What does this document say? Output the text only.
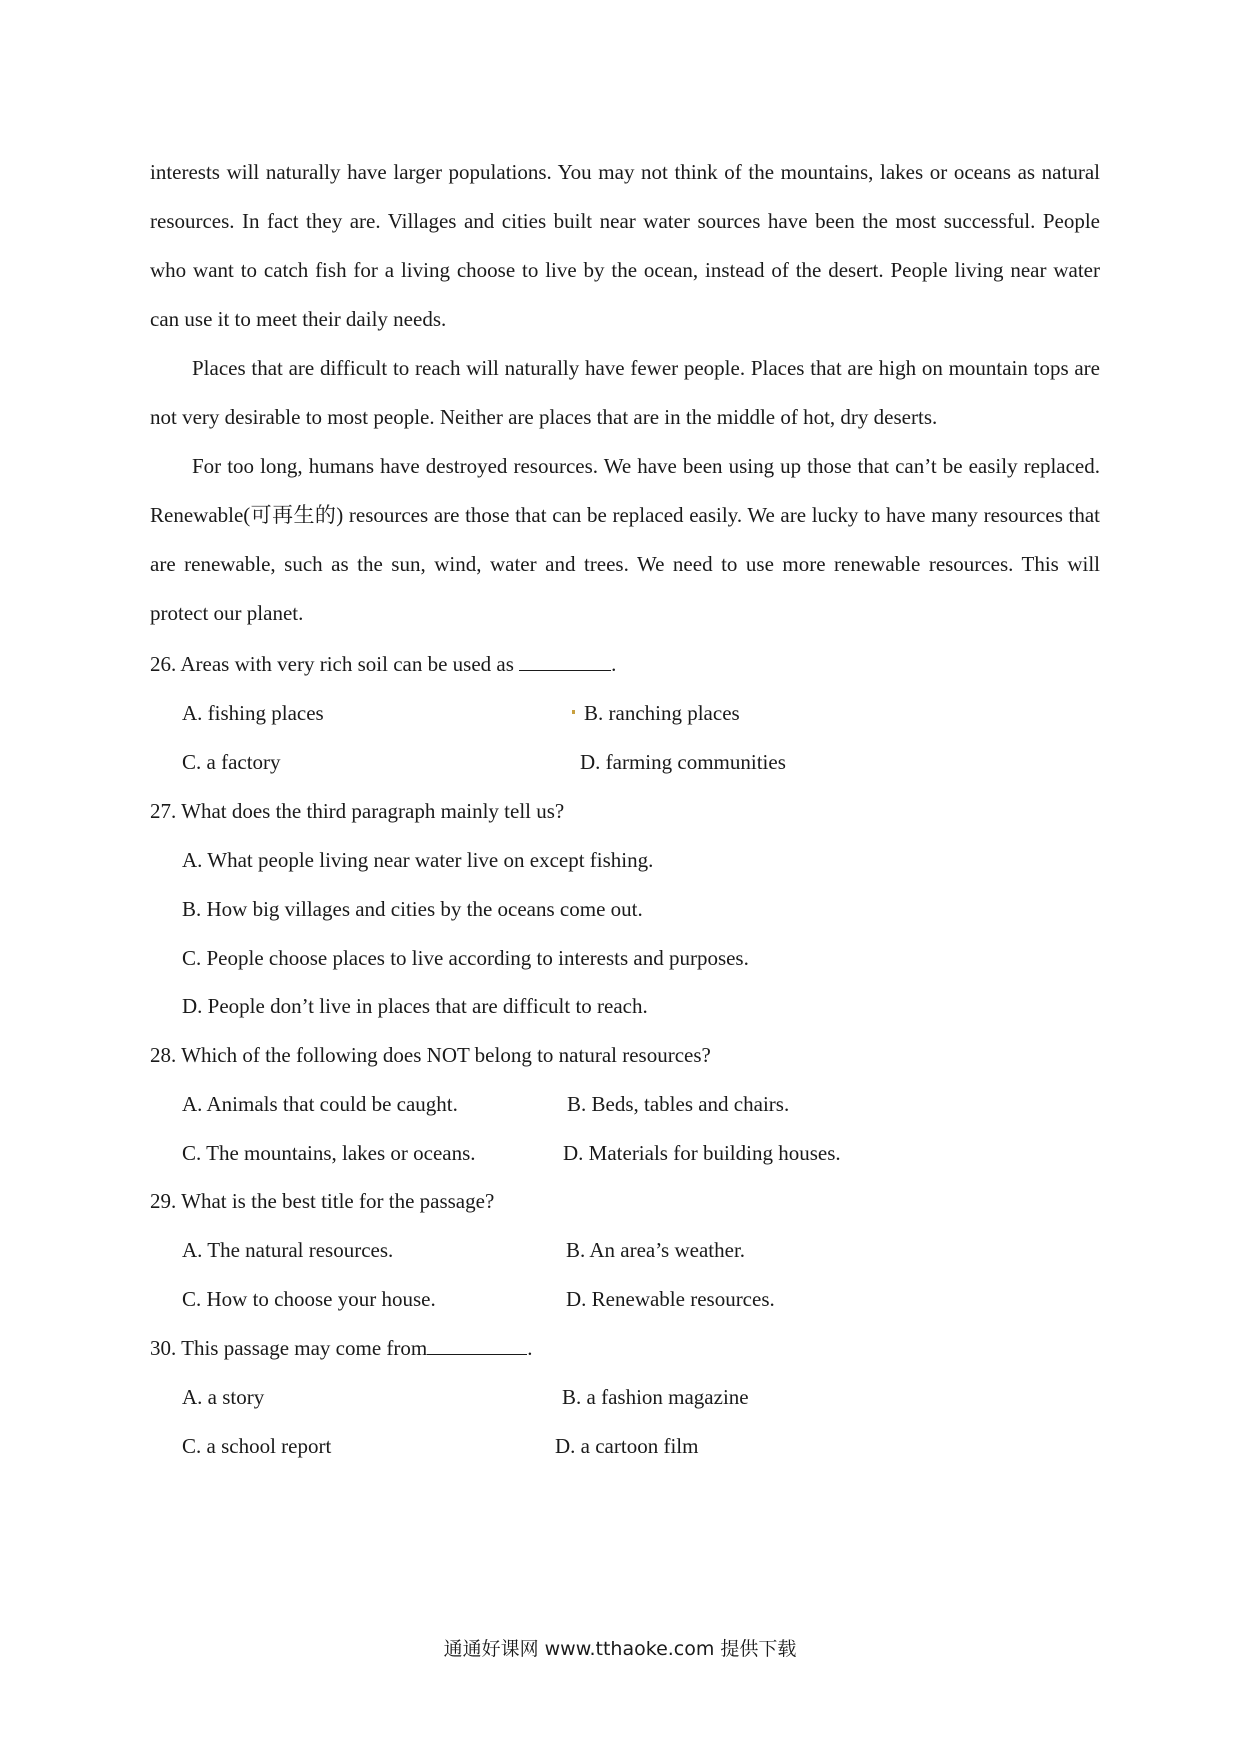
interests will naturally have larger populations. You may not think of the mountains, lakes or oceans as natural resources. In fact they are. Villages and cities built near water sources have been the most successful. People who want to catch fish for a living choose to live by the ocean, instead of the desert. People living near water can use it to meet their daily needs.

Places that are difficult to reach will naturally have fewer people. Places that are high on mountain tops are not very desirable to most people. Neither are places that are in the middle of hot, dry deserts.

For too long, humans have destroyed resources. We have been using up those that can’t be easily replaced. Renewable(可再生的) resources are those that can be replaced easily. We are lucky to have many resources that are renewable, such as the sun, wind, water and trees. We need to use more renewable resources. This will protect our planet.

26. Areas with very rich soil can be used as	.

A. fishing places	B. ranching places

C. a factory	D. farming communities

27. What does the third paragraph mainly tell us?

A. What people living near water live on except fishing.

B. How big villages and cities by the oceans come out.

C. People choose places to live according to interests and purposes.

D. People don’t live in places that are difficult to reach.

28. Which of the following does NOT belong to natural resources?

A. Animals that could be caught.	B. Beds, tables and chairs.

C. The mountains, lakes or oceans.	D. Materials for building houses.

29. What is the best title for the passage?

A. The natural resources.	B. An area’s weather.

C. How to choose your house.	D. Renewable resources.

30. This passage may come from	.

A. a story	B. a fashion magazine

C. a school report	D. a cartoon film

通通好课网 www.tthaoke.com 提供下载
